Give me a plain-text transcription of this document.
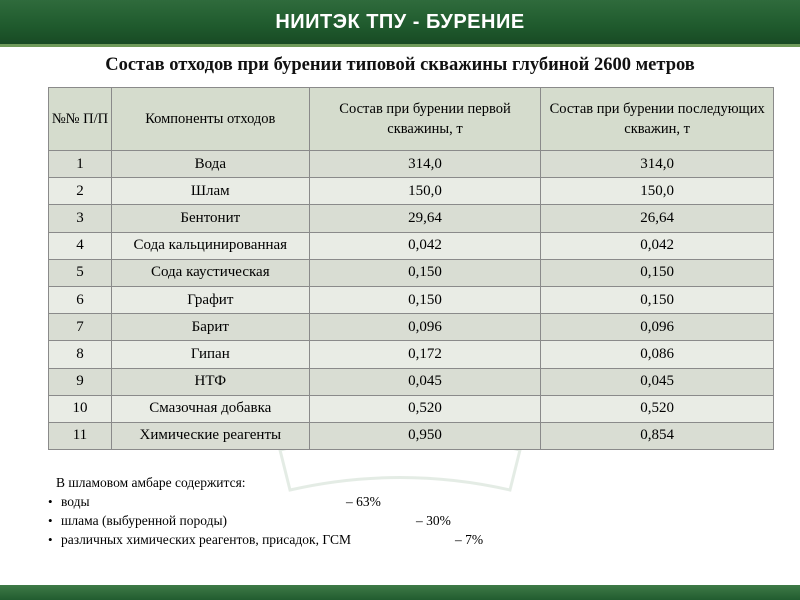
НИИТЭК ТПУ - БУРЕНИЕ
Состав отходов при бурении типовой скважины глубиной 2600 метров
№№ П/П	Компоненты отходов	Состав при бурении первой скважины, т	Состав при бурении последующих скважин, т
1	Вода	314,0	314,0
2	Шлам	150,0	150,0
3	Бентонит	29,64	26,64
4	Сода кальцинированная	0,042	0,042
5	Сода каустическая	0,150	0,150
6	Графит	0,150	0,150
7	Барит	0,096	0,096
8	Гипан	0,172	0,086
9	НТФ	0,045	0,045
10	Смазочная добавка	0,520	0,520
11	Химические реагенты	0,950	0,854
В шламовом амбаре содержится:
• воды	– 63%
• шлама (выбуренной породы)	– 30%
• различных химических реагентов, присадок, ГСМ	– 7%
